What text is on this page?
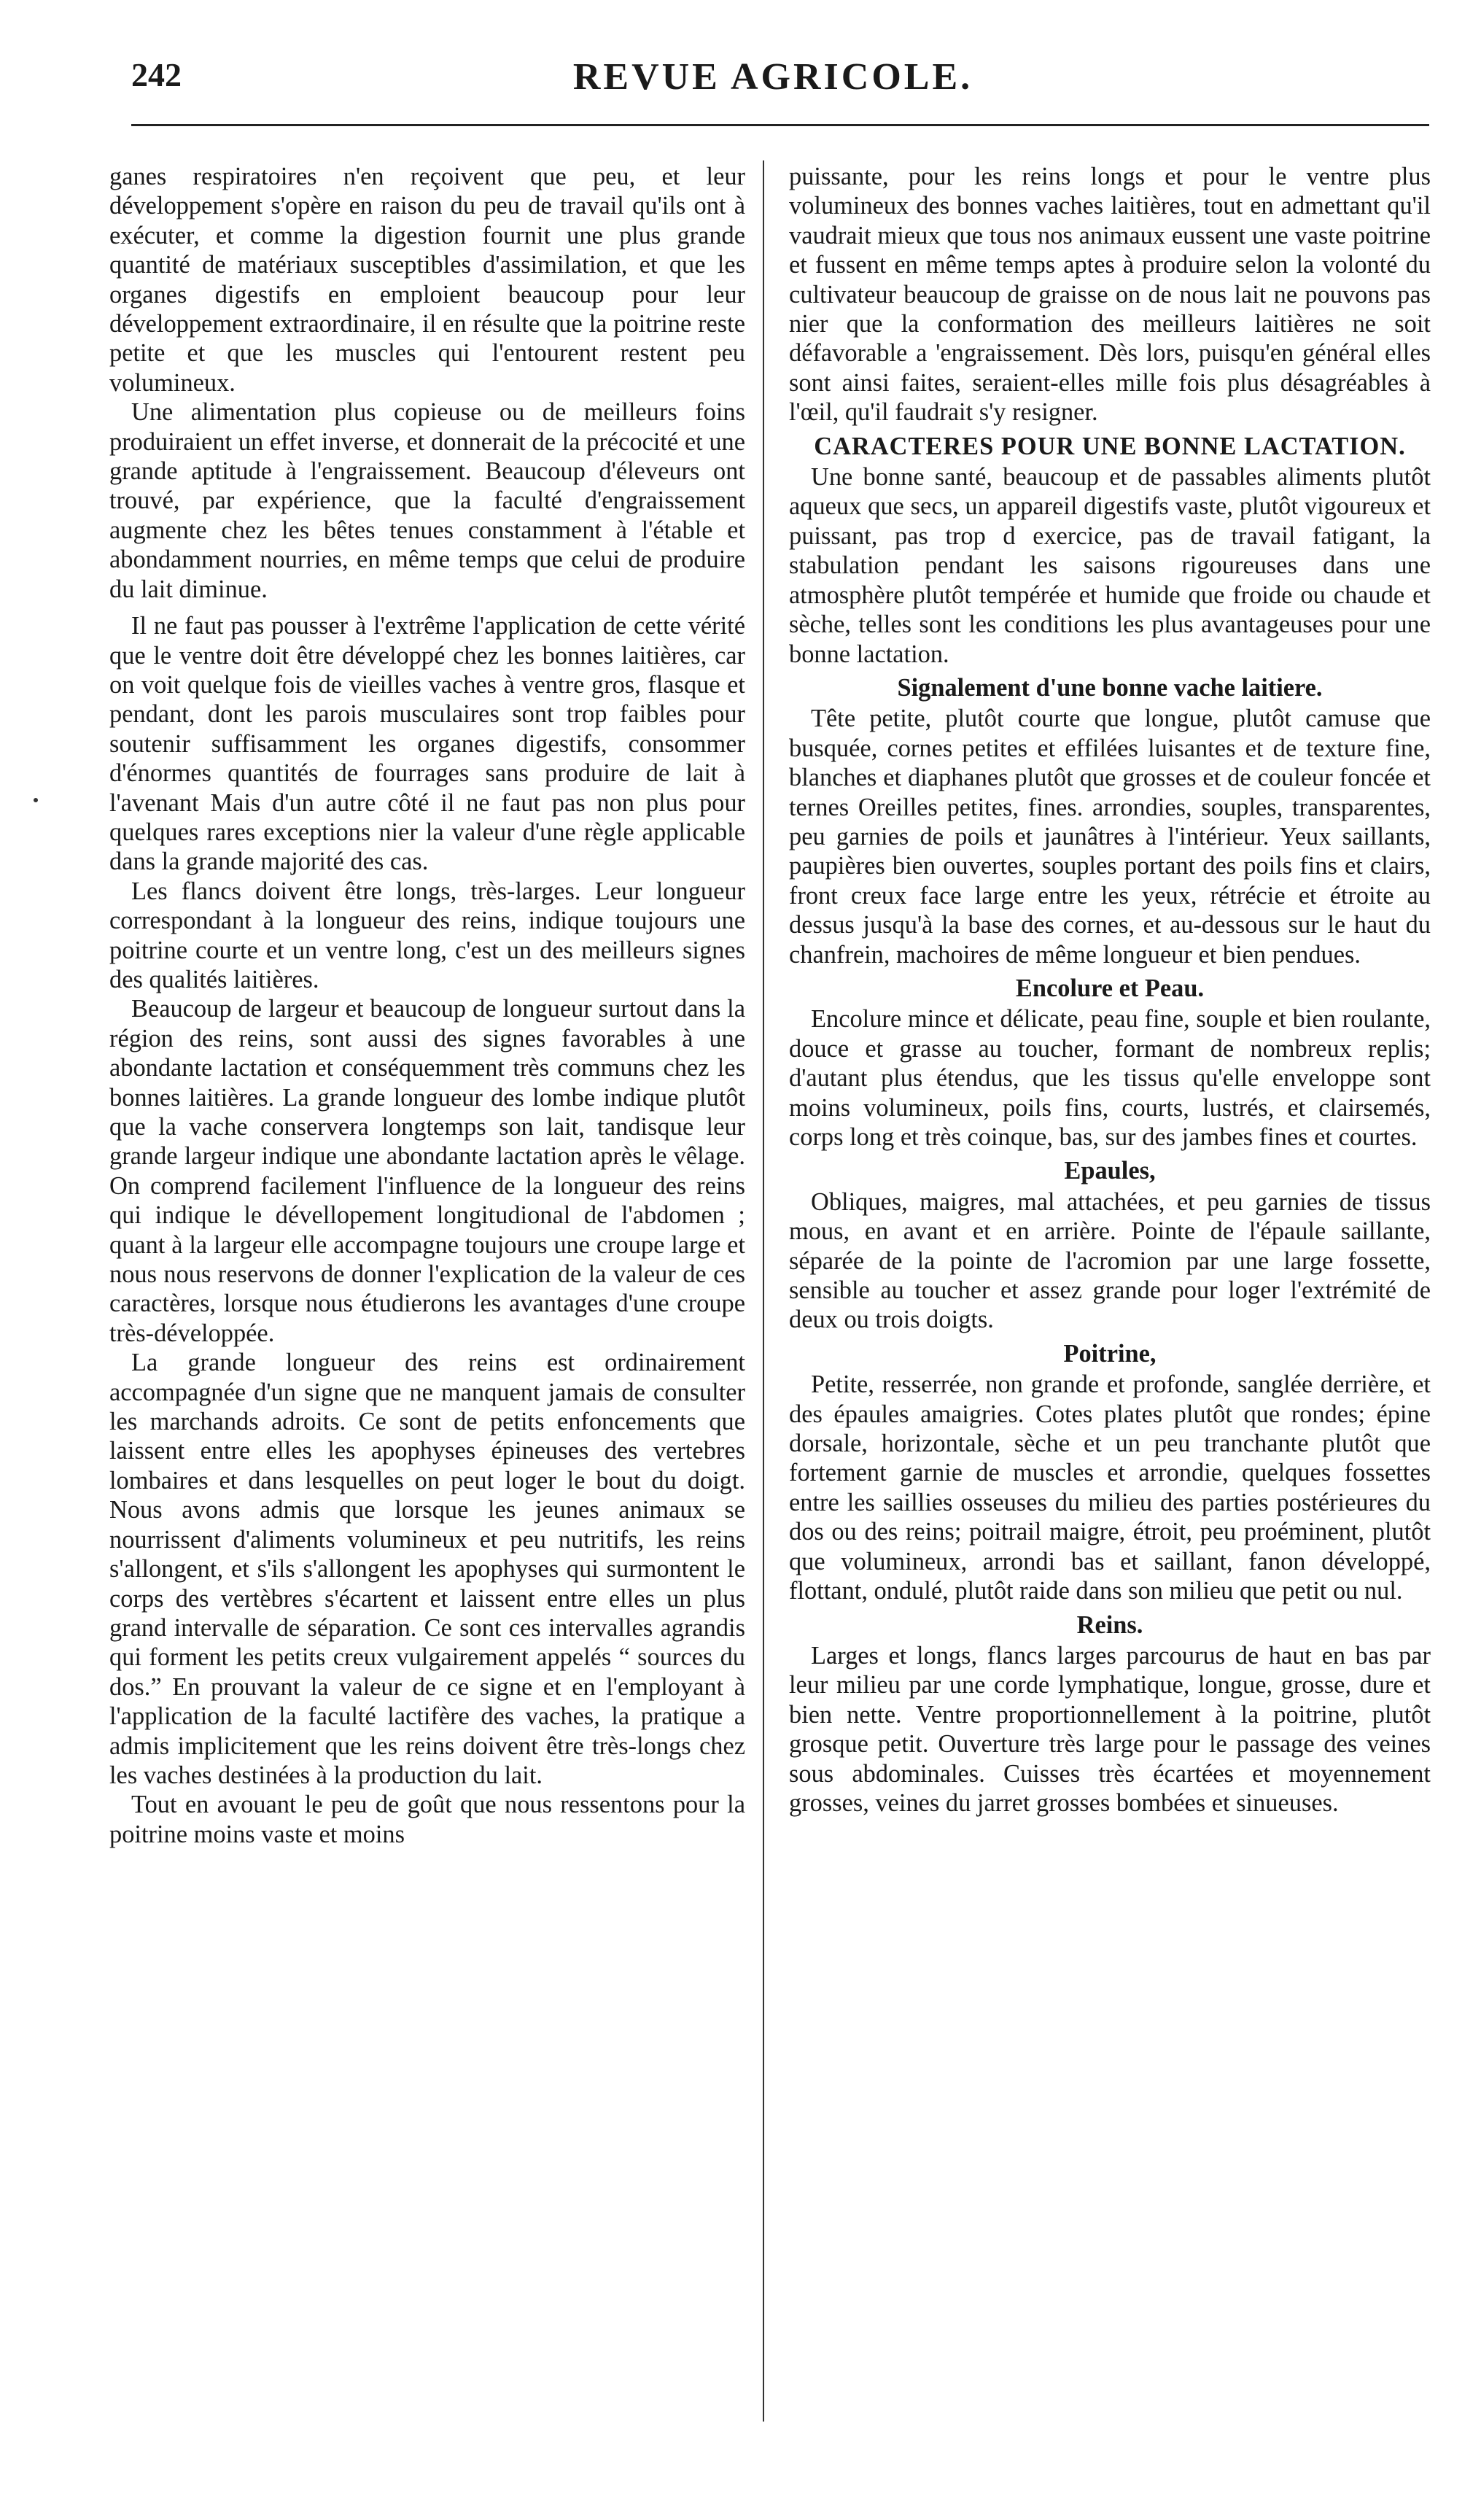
242	REVUE AGRICOLE.

ganes respiratoires n'en reçoivent que peu, et leur développement s'opère en raison du peu de travail qu'ils ont à exécuter, et comme la digestion fournit une plus grande quantité de matériaux susceptibles d'assimilation, et que les organes digestifs en emploient beaucoup pour leur développement extraordinaire, il en résulte que la poitrine reste petite et que les muscles qui l'entourent restent peu volumineux.

Une alimentation plus copieuse ou de meilleurs foins produiraient un effet inverse, et donnerait de la précocité et une grande aptitude à l'engraissement. Beaucoup d'éleveurs ont trouvé, par expérience, que la faculté d'engraissement augmente chez les bêtes tenues constamment à l'étable et abondamment nourries, en même temps que celui de produire du lait diminue.

Il ne faut pas pousser à l'extrême l'application de cette vérité que le ventre doit être développé chez les bonnes laitières, car on voit quelque fois de vieilles vaches à ventre gros, flasque et pendant, dont les parois musculaires sont trop faibles pour soutenir suffisamment les organes digestifs, consommer d'énormes quantités de fourrages sans produire de lait à l'avenant Mais d'un autre côté il ne faut pas non plus pour quelques rares exceptions nier la valeur d'une règle applicable dans la grande majorité des cas.

Les flancs doivent être longs, très-larges. Leur longueur correspondant à la longueur des reins, indique toujours une poitrine courte et un ventre long, c'est un des meilleurs signes des qualités laitières.

Beaucoup de largeur et beaucoup de longueur surtout dans la région des reins, sont aussi des signes favorables à une abondante lactation et conséquemment très communs chez les bonnes laitières. La grande longueur des lombe indique plutôt que la vache conservera longtemps son lait, tandisque leur grande largeur indique une abondante lactation après le vêlage. On comprend facilement l'influence de la longueur des reins qui indique le dévellopement longitudional de l'abdomen ; quant à la largeur elle accompagne toujours une croupe large et nous nous reservons de donner l'explication de la valeur de ces caractères, lorsque nous étudierons les avantages d'une croupe très-développée.

La grande longueur des reins est ordinairement accompagnée d'un signe que ne manquent jamais de consulter les marchands adroits. Ce sont de petits enfoncements que laissent entre elles les apophyses épineuses des vertebres lombaires et dans lesquelles on peut loger le bout du doigt. Nous avons admis que lorsque les jeunes animaux se nourrissent d'aliments volumineux et peu nutritifs, les reins s'allongent, et s'ils s'allongent les apophyses qui surmontent le corps des vertèbres s'écartent et laissent entre elles un plus grand intervalle de séparation. Ce sont ces intervalles agrandis qui forment les petits creux vulgairement appelés “ sources du dos.” En prouvant la valeur de ce signe et en l'employant à l'application de la faculté lactifère des vaches, la pratique a admis implicitement que les reins doivent être très-longs chez les vaches destinées à la production du lait.

Tout en avouant le peu de goût que nous ressentons pour la poitrine moins vaste et moins

puissante, pour les reins longs et pour le ventre plus volumineux des bonnes vaches laitières, tout en admettant qu'il vaudrait mieux que tous nos animaux eussent une vaste poitrine et fussent en même temps aptes à produire selon la volonté du cultivateur beaucoup de graisse on de nous lait ne pouvons pas nier que la conformation des meilleurs laitières ne soit défavorable a 'engraissement. Dès lors, puisqu'en général elles sont ainsi faites, seraient-elles mille fois plus désagréables à l'œil, qu'il faudrait s'y resigner.

CARACTERES POUR UNE BONNE LACTATION.

Une bonne santé, beaucoup et de passables aliments plutôt aqueux que secs, un appareil digestifs vaste, plutôt vigoureux et puissant, pas trop d exercice, pas de travail fatigant, la stabulation pendant les saisons rigoureuses dans une atmosphère plutôt tempérée et humide que froide ou chaude et sèche, telles sont les conditions les plus avantageuses pour une bonne lactation.

Signalement d'une bonne vache laitiere.

Tête petite, plutôt courte que longue, plutôt camuse que busquée, cornes petites et effilées luisantes et de texture fine, blanches et diaphanes plutôt que grosses et de couleur foncée et ternes Oreilles petites, fines. arrondies, souples, transparentes, peu garnies de poils et jaunâtres à l'intérieur. Yeux saillants, paupières bien ouvertes, souples portant des poils fins et clairs, front creux face large entre les yeux, rétrécie et étroite au dessus jusqu'à la base des cornes, et au-dessous sur le haut du chanfrein, machoires de même longueur et bien pendues.

Encolure et Peau.

Encolure mince et délicate, peau fine, souple et bien roulante, douce et grasse au toucher, formant de nombreux replis; d'autant plus étendus, que les tissus qu'elle enveloppe sont moins volumineux, poils fins, courts, lustrés, et clairsemés, corps long et très coinque, bas, sur des jambes fines et courtes.

Epaules,

Obliques, maigres, mal attachées, et peu garnies de tissus mous, en avant et en arrière. Pointe de l'épaule saillante, séparée de la pointe de l'acromion par une large fossette, sensible au toucher et assez grande pour loger l'extrémité de deux ou trois doigts.

Poitrine,

Petite, resserrée, non grande et profonde, sanglée derrière, et des épaules amaigries. Cotes plates plutôt que rondes; épine dorsale, horizontale, sèche et un peu tranchante plutôt que fortement garnie de muscles et arrondie, quelques fossettes entre les saillies osseuses du milieu des parties postérieures du dos ou des reins; poitrail maigre, étroit, peu proéminent, plutôt que volumineux, arrondi bas et saillant, fanon développé, flottant, ondulé, plutôt raide dans son milieu que petit ou nul.

Reins.

Larges et longs, flancs larges parcourus de haut en bas par leur milieu par une corde lymphatique, longue, grosse, dure et bien nette. Ventre proportionnellement à la poitrine, plutôt grosque petit. Ouverture très large pour le passage des veines sous abdominales. Cuisses très écartées et moyennement grosses, veines du jarret grosses bombées et sinueuses.
